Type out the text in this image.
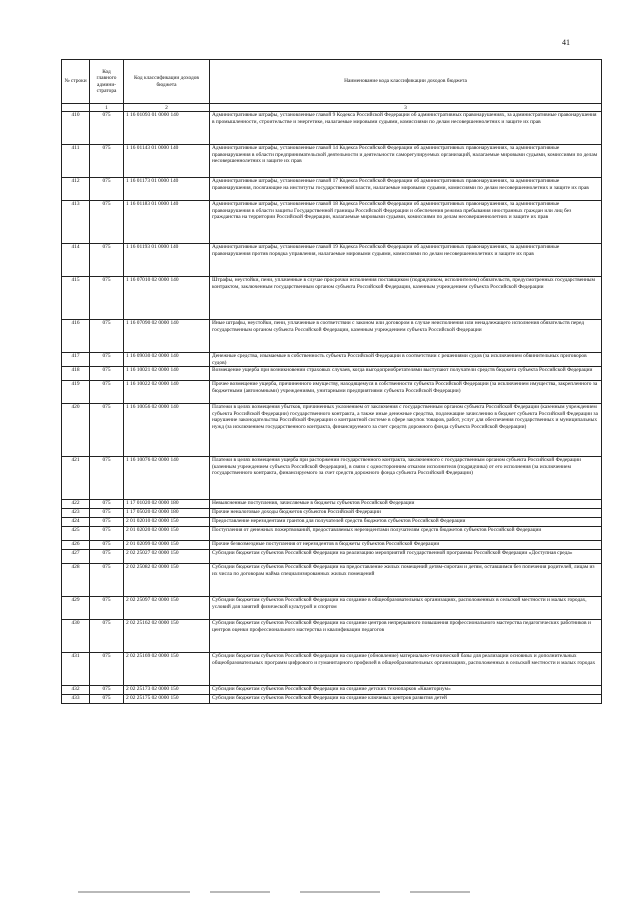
41
№ строки	Код главного админи-стратора	Код классификации доходов бюджета	Наименование кода классификации доходов бюджета
	1	2	3
410	075	1 16 01093 01 0000 140	Административные штрафы, установленные главой 9 Кодекса Российской Федерации об административных правонарушениях, за административные правонарушения в промышленности, строительстве и энергетике, налагаемые мировыми судьями, комиссиями по делам несовершеннолетних и защите их прав
411	075	1 16 01143 01 0000 140	Административные штрафы, установленные главой 14 Кодекса Российской Федерации об административных правонарушениях, за административные правонарушения в области предпринимательской деятельности и деятельности саморегулируемых организаций, налагаемые мировыми судьями, комиссиями по делам несовершеннолетних и защите их прав
412	075	1 16 01173 01 0000 140	Административные штрафы, установленные главой 17 Кодекса Российской Федерации об административных правонарушениях, за административные правонарушения, посягающие на институты государственной власти, налагаемые мировыми судьями, комиссиями по делам несовершеннолетних и защите их прав
413	075	1 16 01183 01 0000 140	Административные штрафы, установленные главой 18 Кодекса Российской Федерации об административных правонарушениях, за административные правонарушения в области защиты Государственной границы Российской Федерации и обеспечения режима пребывания иностранных граждан или лиц без гражданства на территории Российской Федерации, налагаемые мировыми судьями, комиссиями по делам несовершеннолетних и защите их прав
414	075	1 16 01193 01 0000 140	Административные штрафы, установленные главой 19 Кодекса Российской Федерации об административных правонарушениях, за административные правонарушения против порядка управления, налагаемые мировыми судьями, комиссиями по делам несовершеннолетних и защите их прав
415	075	1 16 07010 02 0000 140	Штрафы, неустойки, пени, уплаченные в случае просрочки исполнения поставщиком (подрядчиком, исполнителем) обязательств, предусмотренных государственным контрактом, заключенным государственным органом субъекта Российской Федерации, казенным учреждением субъекта Российской Федерации
416	075	1 16 07090 02 0000 140	Иные штрафы, неустойки, пени, уплаченные в соответствии с законом или договором в случае неисполнения или ненадлежащего исполнения обязательств перед государственным органом субъекта Российской Федерации, казенным учреждением субъекта Российской Федерации
417	075	1 16 09030 02 0000 140	Денежные средства, изымаемые в собственность субъекта Российской Федерации в соответствии с решениями судов (за исключением обвинительных приговоров судов)
418	075	1 16 10021 02 0000 140	Возмещение ущерба при возникновении страховых случаев, когда выгодоприобретателями выступают получатели средств бюджета субъекта Российской Федерации
419	075	1 16 10022 02 0000 140	Прочее возмещение ущерба, причиненного имуществу, находящемуся в собственности субъекта Российской Федерации (за исключением имущества, закрепленного за бюджетными (автономными) учреждениями, унитарными предприятиями субъекта Российской Федерации)
420	075	1 16 10056 02 0000 140	Платежи в целях возмещения убытков, причиненных уклонением от заключения с государственным органом субъекта Российской Федерации (казенным учреждением субъекта Российской Федерации) государственного контракта, а также иные денежные средства, подлежащие зачислению в бюджет субъекта Российской Федерации за нарушение законодательства Российской Федерации о контрактной системе в сфере закупок товаров, работ, услуг для обеспечения государственных и муниципальных нужд (за исключением государственного контракта, финансируемого за счет средств дорожного фонда субъекта Российской Федерации)
421	075	1 16 10076 02 0000 140	Платежи в целях возмещения ущерба при расторжении государственного контракта, заключенного с государственным органом субъекта Российской Федерации (казенным учреждением субъекта Российской Федерации), в связи с односторонним отказом исполнителя (подрядчика) от его исполнения (за исключением государственного контракта, финансируемого за счет средств дорожного фонда субъекта Российской Федерации)
422	075	1 17 01020 02 0000 180	Невыясненные поступления, зачисляемые в бюджеты субъектов Российской Федерации
423	075	1 17 05020 02 0000 180	Прочие неналоговые доходы бюджетов субъектов Российской Федерации
424	075	2 01 02010 02 0000 150	Предоставление нерезидентами грантов для получателей средств бюджетов субъектов Российской Федерации
425	075	2 01 02020 02 0000 150	Поступления от денежных пожертвований, предоставляемых нерезидентами получателям средств бюджетов субъектов Российской Федерации
426	075	2 01 02099 02 0000 150	Прочие безвозмездные поступления от нерезидентов в бюджеты субъектов Российской Федерации
427	075	2 02 25027 02 0000 150	Субсидии бюджетам субъектов Российской Федерации на реализацию мероприятий государственной программы Российской Федерации «Доступная среда»
428	075	2 02 25082 02 0000 150	Субсидии бюджетам субъектов Российской Федерации на предоставление жилых помещений детям-сиротам и детям, оставшимся без попечения родителей, лицам из их числа по договорам найма специализированных жилых помещений
429	075	2 02 25097 02 0000 150	Субсидии бюджетам субъектов Российской Федерации на создание в общеобразовательных организациях, расположенных в сельской местности и малых городах, условий для занятий физической культурой и спортом
430	075	2 02 25162 02 0000 150	Субсидии бюджетам субъектов Российской Федерации на создание центров непрерывного повышения профессионального мастерства педагогических работников и центров оценки профессионального мастерства и квалификации педагогов
431	075	2 02 25169 02 0000 150	Субсидии бюджетам субъектов Российской Федерации на создание (обновление) материально-технической базы для реализации основных и дополнительных общеобразовательных программ цифрового и гуманитарного профилей в общеобразовательных организациях, расположенных в сельской местности и малых городах
432	075	2 02 25173 02 0000 150	Субсидии бюджетам субъектов Российской Федерации на создание детских технопарков «Кванториум»
433	075	2 02 25175 02 0000 150	Субсидии бюджетам субъектов Российской Федерации на создание ключевых центров развития детей
